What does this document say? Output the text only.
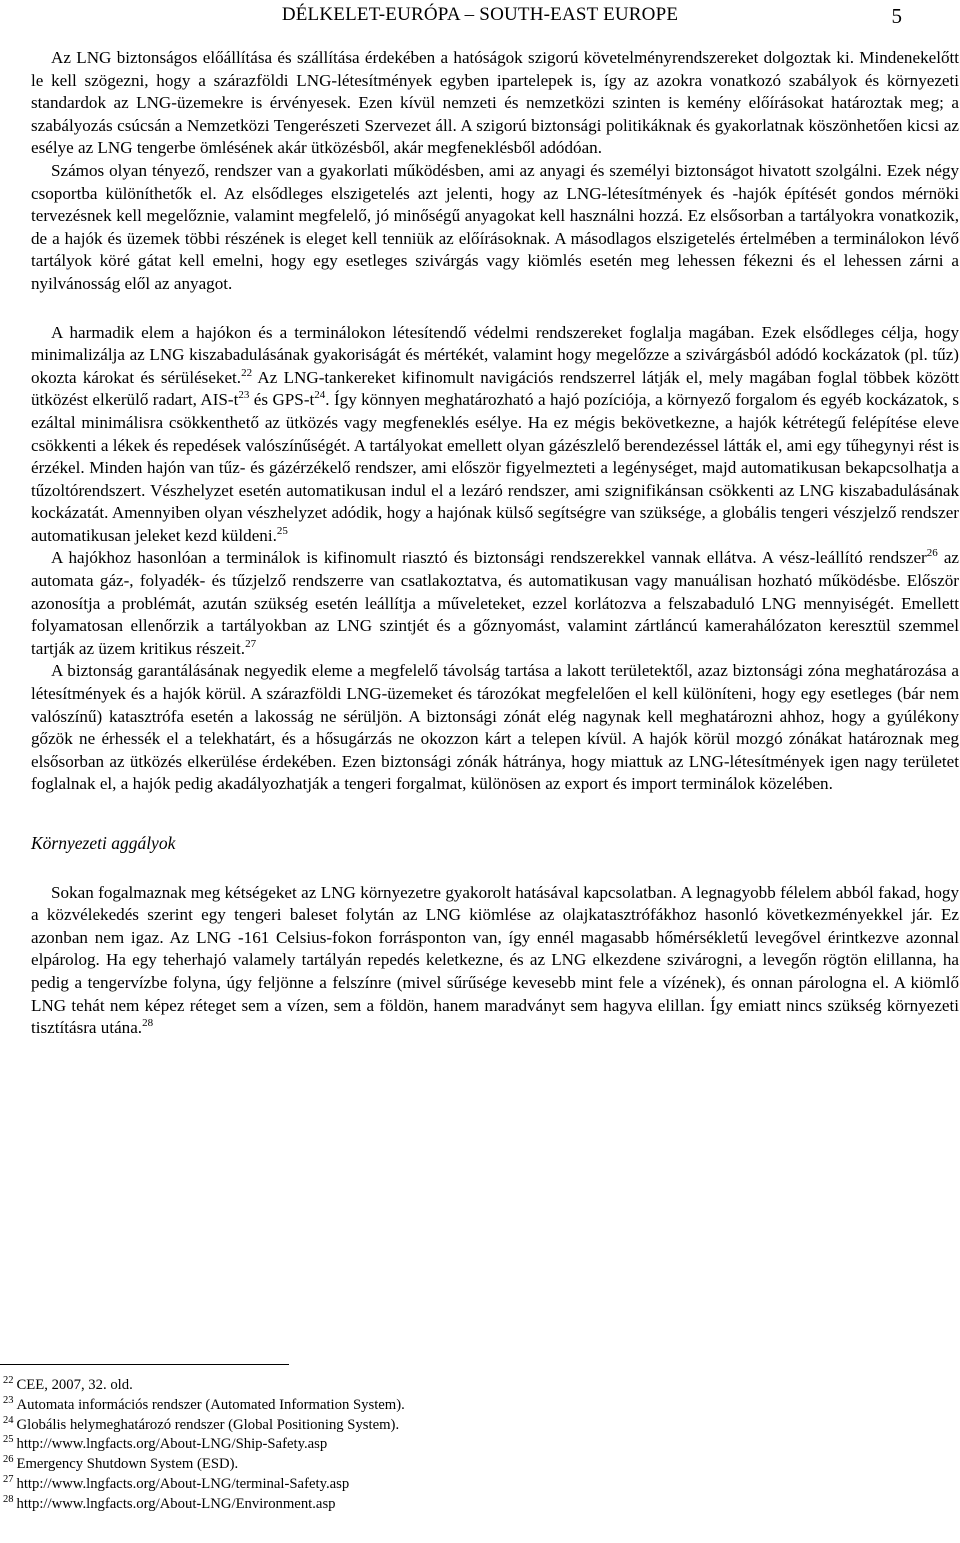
DÉLKELET-EURÓPA – SOUTH-EAST EUROPE	5

Az LNG biztonságos előállítása és szállítása érdekében a hatóságok szigorú követelményrendszereket dolgoztak ki. Mindenekelőtt le kell szögezni, hogy a szárazföldi LNG-létesítmények egyben ipartelepek is, így az azokra vonatkozó szabályok és környezeti standardok az LNG-üzemekre is érvényesek. Ezen kívül nemzeti és nemzetközi szinten is kemény előírásokat határoztak meg; a szabályozás csúcsán a Nemzetközi Tengerészeti Szervezet áll. A szigorú biztonsági politikáknak és gyakorlatnak köszönhetően kicsi az esélye az LNG tengerbe ömlésének akár ütközésből, akár megfeneklésből adódóan.

Számos olyan tényező, rendszer van a gyakorlati működésben, ami az anyagi és személyi biztonságot hivatott szolgálni. Ezek négy csoportba különíthetők el. Az elsődleges elszigetelés azt jelenti, hogy az LNG-létesítmények és -hajók építését gondos mérnöki tervezésnek kell megelőznie, valamint megfelelő, jó minőségű anyagokat kell használni hozzá. Ez elsősorban a tartályokra vonatkozik, de a hajók és üzemek többi részének is eleget kell tenniük az előírásoknak. A másodlagos elszigetelés értelmében a terminálokon lévő tartályok köré gátat kell emelni, hogy egy esetleges szivárgás vagy kiömlés esetén meg lehessen fékezni és el lehessen zárni a nyilvánosság elől az anyagot.

A harmadik elem a hajókon és a terminálokon létesítendő védelmi rendszereket foglalja magában. Ezek elsődleges célja, hogy minimalizálja az LNG kiszabadulásának gyakoriságát és mértékét, valamint hogy megelőzze a szivárgásból adódó kockázatok (pl. tűz) okozta károkat és sérüléseket.$^{22}$ Az LNG-tankereket kifinomult navigációs rendszerrel látják el, mely magában foglal többek között ütközést elkerülő radart, AIS-$t^{23}$ és GPS-$t^{24}$. Így könnyen meghatározható a hajó pozíciója, a környező forgalom és egyéb kockázatok, s ezáltal minimálisra csökkenthető az ütközés vagy megfeneklés esélye. Ha ez mégis bekövetkezne, a hajók kétrétegű felépítése eleve csökkenti a lékek és repedések valószínűségét. A tartályokat emellett olyan gázészlelő berendezéssel látták el, ami egy tűhegynyi rést is érzékel. Minden hajón van tűz- és gázérzékelő rendszer, ami először figyelmezteti a legénységet, majd automatikusan bekapcsolhatja a tűzoltórendszert. Vészhelyzet esetén automatikusan indul el a lezáró rendszer, ami szignifikánsan csökkenti az LNG kiszabadulásának kockázatát. Amennyiben olyan vészhelyzet adódik, hogy a hajónak külső segítségre van szüksége, a globális tengeri vészjelző rendszer automatikusan jeleket kezd küldeni.$^{25}$

A hajókhoz hasonlóan a terminálok is kifinomult riasztó és biztonsági rendszerekkel vannak ellátva. A vész-leállító rendszer$^{26}$ az automata gáz-, folyadék- és tűzjelző rendszerre van csatlakoztatva, és automatikusan vagy manuálisan hozható működésbe. Először azonosítja a problémát, azután szükség esetén leállítja a műveleteket, ezzel korlátozva a felszabaduló LNG mennyiségét. Emellett folyamatosan ellenőrzik a tartályokban az LNG szintjét és a gőznyomást, valamint zártláncú kamerahálózaton keresztül szemmel tartják az üzem kritikus részeit.$^{27}$

A biztonság garantálásának negyedik eleme a megfelelő távolság tartása a lakott területektől, azaz biztonsági zóna meghatározása a létesítmények és a hajók körül. A szárazföldi LNG-üzemeket és tározókat megfelelően el kell különíteni, hogy egy esetleges (bár nem valószínű) katasztrófa esetén a lakosság ne sérüljön. A biztonsági zónát elég nagynak kell meghatározni ahhoz, hogy a gyúlékony gőzök ne érhessék el a telekhatárt, és a hősugárzás ne okozzon kárt a telepen kívül. A hajók körül mozgó zónákat határoznak meg elsősorban az ütközés elkerülése érdekében. Ezen biztonsági zónák hátránya, hogy miattuk az LNG-létesítmények igen nagy területet foglalnak el, a hajók pedig akadályozhatják a tengeri forgalmat, különösen az export és import terminálok közelében.

Környezeti aggályok

Sokan fogalmaznak meg kétségeket az LNG környezetre gyakorolt hatásával kapcsolatban. A legnagyobb félelem abból fakad, hogy a közvélekedés szerint egy tengeri baleset folytán az LNG kiömlése az olajkatasztrófákhoz hasonló következményekkel jár. Ez azonban nem igaz. Az LNG -161 Celsius-fokon forrásponton van, így ennél magasabb hőmérsékletű levegővel érintkezve azonnal elpárolog. Ha egy teherhajó valamely tartályán repedés keletkezne, és az LNG elkezdene szivárogni, a levegőn rögtön elillanna, ha pedig a tengervízbe folyna, úgy feljönne a felszínre (mivel sűrűsége kevesebb mint fele a vízének), és onnan párologna el. A kiömlő LNG tehát nem képez réteget sem a vízen, sem a földön, hanem maradványt sem hagyva elillan. Így emiatt nincs szükség környezeti tisztításra utána.$^{28}$

$^{22}$ CEE, 2007, 32. old.
$^{23}$ Automata információs rendszer (Automated Information System).
$^{24}$ Globális helymeghatározó rendszer (Global Positioning System).
$^{25}$ http://www.lngfacts.org/About-LNG/Ship-Safety.asp
$^{26}$ Emergency Shutdown System (ESD).
$^{27}$ http://www.lngfacts.org/About-LNG/terminal-Safety.asp
$^{28}$ http://www.lngfacts.org/About-LNG/Environment.asp
